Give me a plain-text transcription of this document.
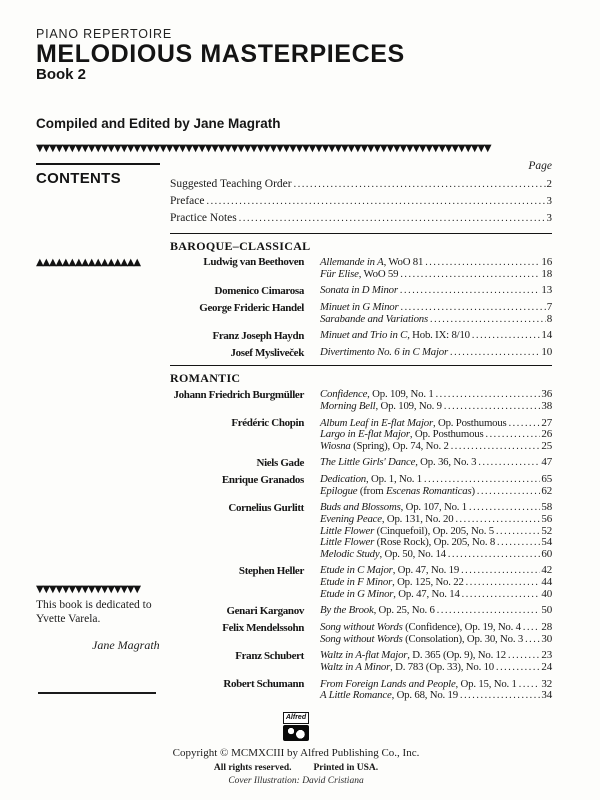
PIANO REPERTOIRE
MELODIOUS MASTERPIECES
Book 2
Compiled and Edited by Jane Magrath
▼▼▼▼▼▼▼▼▼▼▼▼▼▼▼▼▼▼▼▼▼▼▼▼▼▼▼▼▼▼▼▼▼▼▼▼▼▼▼▼▼▼▼▼▼▼▼▼▼▼▼▼▼▼▼▼▼▼▼▼▼▼▼▼▼▼▼▼▼▼
CONTENTS
▲▲▲▲▲▲▲▲▲▲▲▲▲▲▲▲
Page
Suggested Teaching Order .....	2
Preface .....	3
Practice Notes .....	3
BAROQUE–CLASSICAL
Ludwig van Beethoven	Allemande in A, WoO 81 .....	16
Für Elise, WoO 59 .....	18
Domenico Cimarosa	Sonata in D Minor .....	13
George Frideric Handel	Minuet in G Minor .....	7
Sarabande and Variations .....	8
Franz Joseph Haydn	Minuet and Trio in C, Hob. IX: 8/10 .....	14
Josef Mysliveček	Divertimento No. 6 in C Major .....	10
ROMANTIC
Johann Friedrich Burgmüller	Confidence, Op. 109, No. 1 .....	36
Morning Bell, Op. 109, No. 9 .....	38
Frédéric Chopin	Album Leaf in E-flat Major, Op. Posthumous .....	27
Largo in E-flat Major, Op. Posthumous .....	26
Wiosna (Spring), Op. 74, No. 2 .....	25
Niels Gade	The Little Girls' Dance, Op. 36, No. 3 .....	47
Enrique Granados	Dedication, Op. 1, No. 1 .....	65
Epilogue (from Escenas Romanticas) .....	62
Cornelius Gurlitt	Buds and Blossoms, Op. 107, No. 1 .....	58
Evening Peace, Op. 131, No. 20 .....	56
Little Flower (Cinquefoil), Op. 205, No. 5 .....	52
Little Flower (Rose Rock), Op. 205, No. 8 .....	54
Melodic Study, Op. 50, No. 14 .....	60
Stephen Heller	Etude in C Major, Op. 47, No. 19 .....	42
Etude in F Minor, Op. 125, No. 22 .....	44
Etude in G Minor, Op. 47, No. 14 .....	40
Genari Karganov	By the Brook, Op. 25, No. 6 .....	50
Felix Mendelssohn	Song without Words (Confidence), Op. 19, No. 4 ..... 28
Song without Words (Consolation), Op. 30, No. 3 ..... 30
Franz Schubert	Waltz in A-flat Major, D. 365 (Op. 9), No. 12 .....	23
Waltz in A Minor, D. 783 (Op. 33), No. 10 .....	24
Robert Schumann	From Foreign Lands and People, Op. 15, No. 1 ..... 32
A Little Romance, Op. 68, No. 19 .....	34
▼▼▼▼▼▼▼▼▼▼▼▼▼▼▼▼
This book is dedicated to
Yvette Varela.
Jane Magrath
Alfred
Copyright © MCMXCIII by Alfred Publishing Co., Inc.
All rights reserved. Printed in USA.
Cover Illustration: David Cristiana
